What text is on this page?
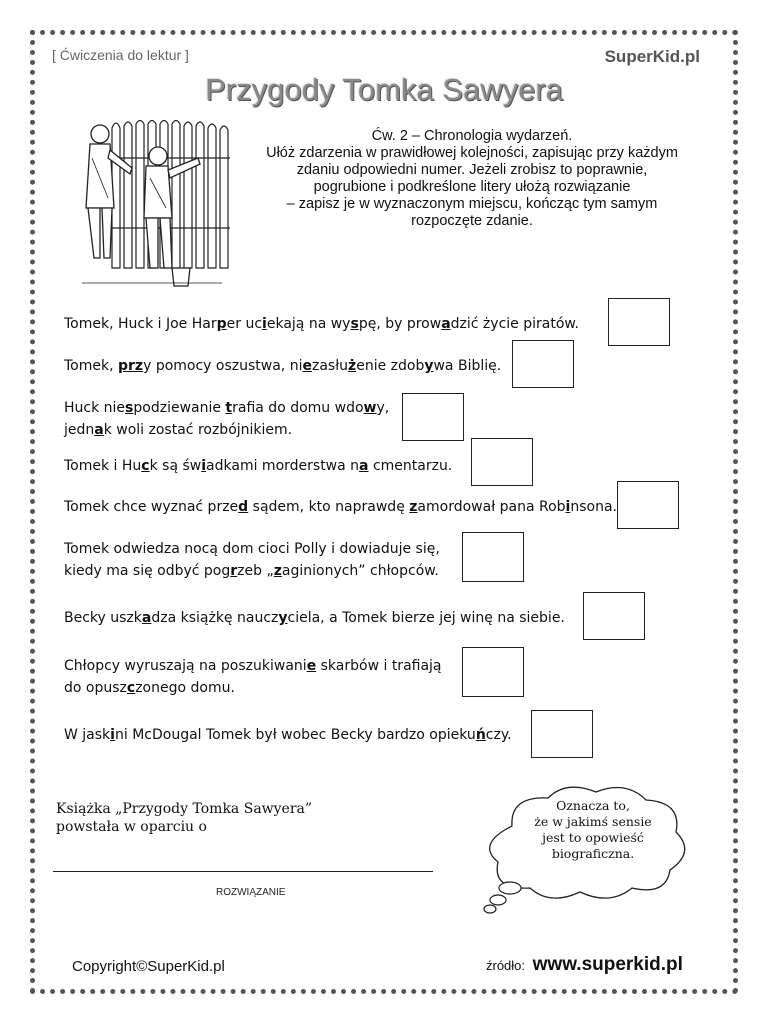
[ Ćwiczenia do lektur ]	SuperKid.pl
Przygody Tomka Sawyera
Ćw. 2 – Chronologia wydarzeń.
Ułóż zdarzenia w prawidłowej kolejności, zapisując przy każdym
zdaniu odpowiedni numer. Jeżeli zrobisz to poprawnie,
pogrubione i podkreślone litery ułożą rozwiązanie
– zapisz je w wyznaczonym miejscu, kończąc tym samym
rozpoczęte zdanie.
Tomek, Huck i Joe Harper uciekają na wyspę, by prowadzić życie piratów.
Tomek, przy pomocy oszustwa, niezasłużenie zdobywa Biblię.
Huck niespodziewanie trafia do domu wdowy,
jednak woli zostać rozbójnikiem.
Tomek i Huck są świadkami morderstwa na cmentarzu.
Tomek chce wyznać przed sądem, kto naprawdę zamordował pana Robinsona.
Tomek odwiedza nocą dom cioci Polly i dowiaduje się,
kiedy ma się odbyć pogrzeb „zaginionych” chłopców.
Becky uszkadza książkę nauczyciela, a Tomek bierze jej winę na siebie.
Chłopcy wyruszają na poszukiwanie skarbów i trafiają
do opuszczonego domu.
W jaskini McDougal Tomek był wobec Becky bardzo opiekuńczy.
Książka „Przygody Tomka Sawyera”
powstała w oparciu o
ROZWIĄZANIE
Oznacza to,
że w jakimś sensie
jest to opowieść
biograficzna.
Copyright©SuperKid.pl	źródło: www.superkid.pl
